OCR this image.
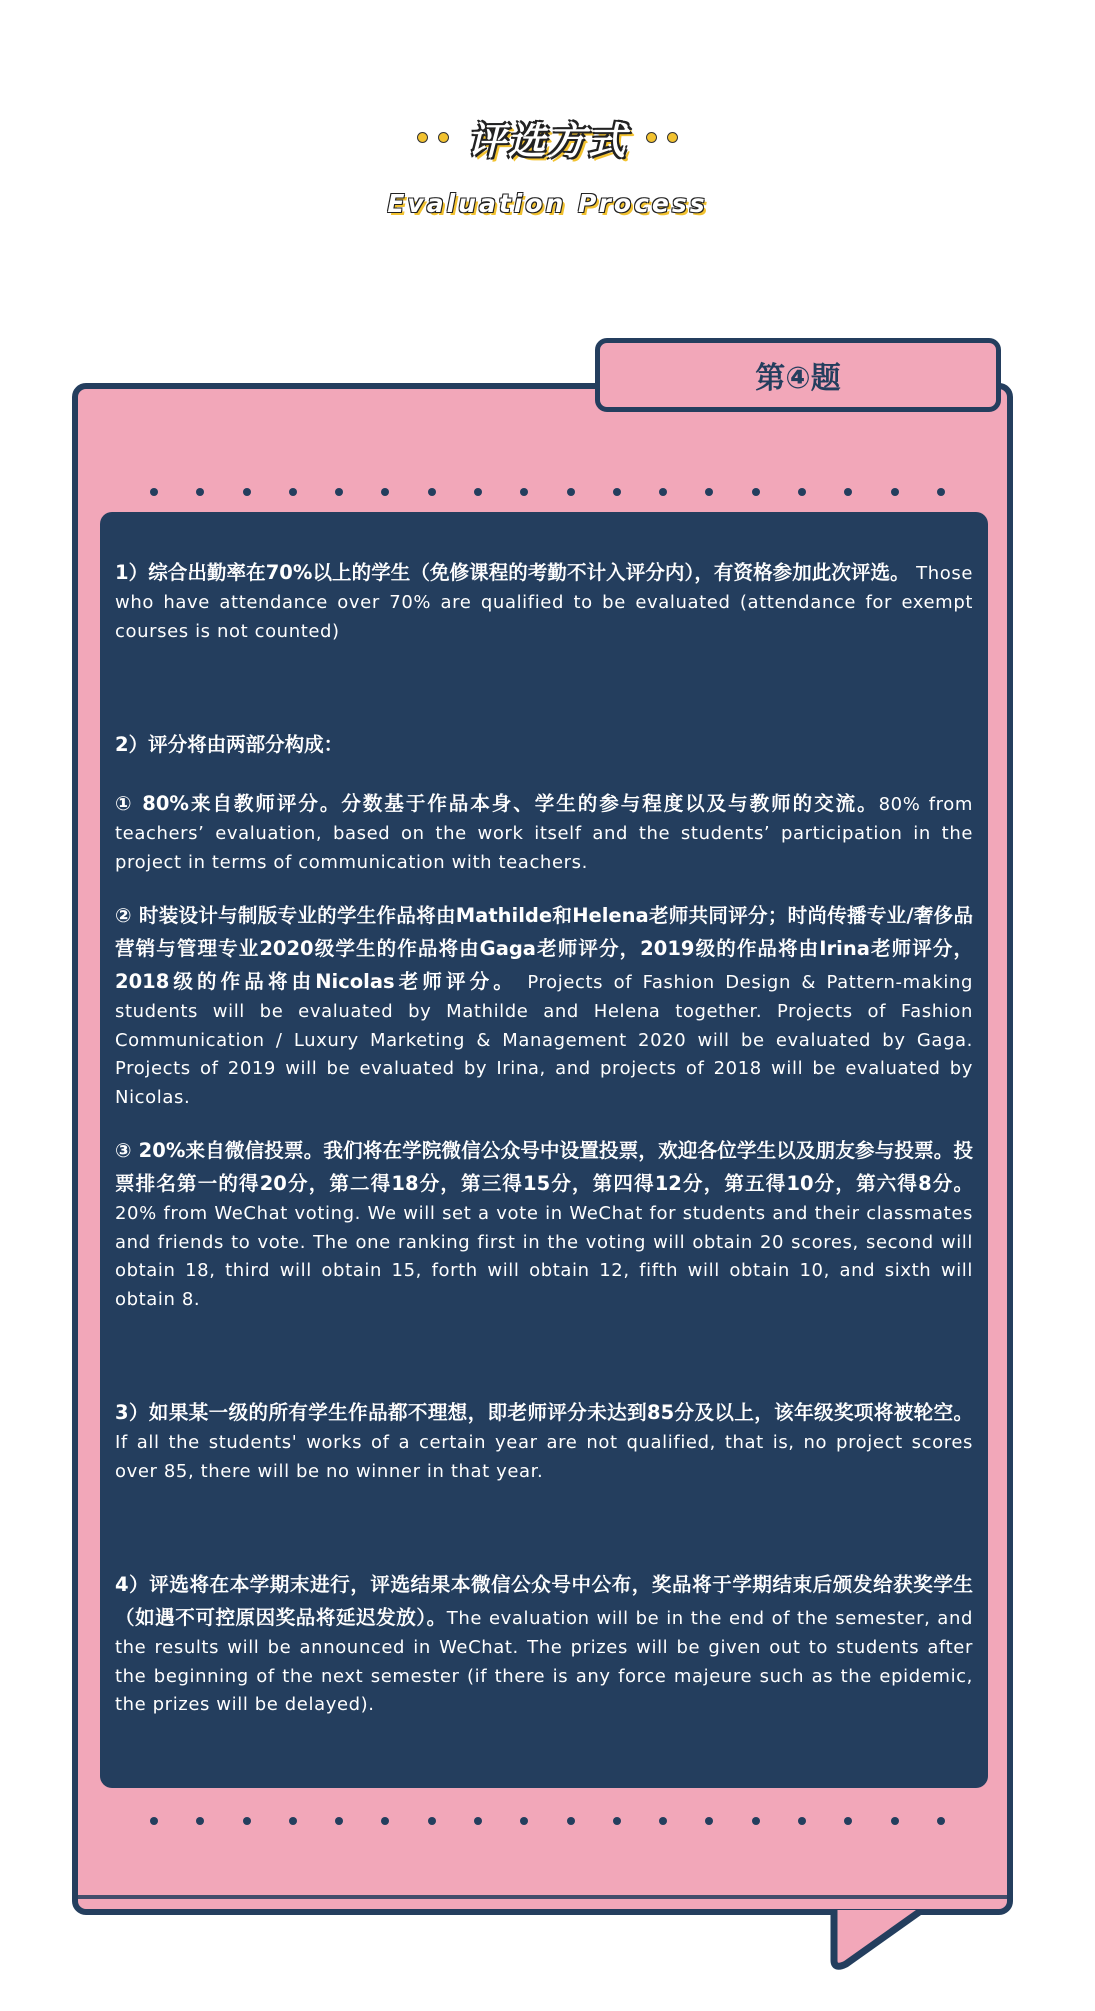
评选方式
Evaluation Process
第④题

1）综合出勤率在70%以上的学生（免修课程的考勤不计入评分内），有资格参加此次评选。 Those who have attendance over 70% are qualified to be evaluated (attendance for exempt courses is not counted)

2）评分将由两部分构成：

① 80%来自教师评分。分数基于作品本身、学生的参与程度以及与教师的交流。80% from teachers’ evaluation, based on the work itself and the students’ participation in the project in terms of communication with teachers.

② 时装设计与制版专业的学生作品将由Mathilde和Helena老师共同评分；时尚传播专业/奢侈品营销与管理专业2020级学生的作品将由Gaga老师评分，2019级的作品将由Irina老师评分，2018级的作品将由Nicolas老师评分。 Projects of Fashion Design & Pattern-making students will be evaluated by Mathilde and Helena together. Projects of Fashion Communication / Luxury Marketing & Management 2020 will be evaluated by Gaga. Projects of 2019 will be evaluated by Irina, and projects of 2018 will be evaluated by Nicolas.

③ 20%来自微信投票。我们将在学院微信公众号中设置投票，欢迎各位学生以及朋友参与投票。投票排名第一的得20分，第二得18分，第三得15分，第四得12分，第五得10分，第六得8分。 20% from WeChat voting. We will set a vote in WeChat for students and their classmates and friends to vote. The one ranking first in the voting will obtain 20 scores, second will obtain 18, third will obtain 15, forth will obtain 12, fifth will obtain 10, and sixth will obtain 8.

3）如果某一级的所有学生作品都不理想，即老师评分未达到85分及以上，该年级奖项将被轮空。 If all the students' works of a certain year are not qualified, that is, no project scores over 85, there will be no winner in that year.

4）评选将在本学期末进行，评选结果本微信公众号中公布，奖品将于学期结束后颁发给获奖学生（如遇不可控原因奖品将延迟发放）。The evaluation will be in the end of the semester, and the results will be announced in WeChat. The prizes will be given out to students after the beginning of the next semester (if there is any force majeure such as the epidemic, the prizes will be delayed).
